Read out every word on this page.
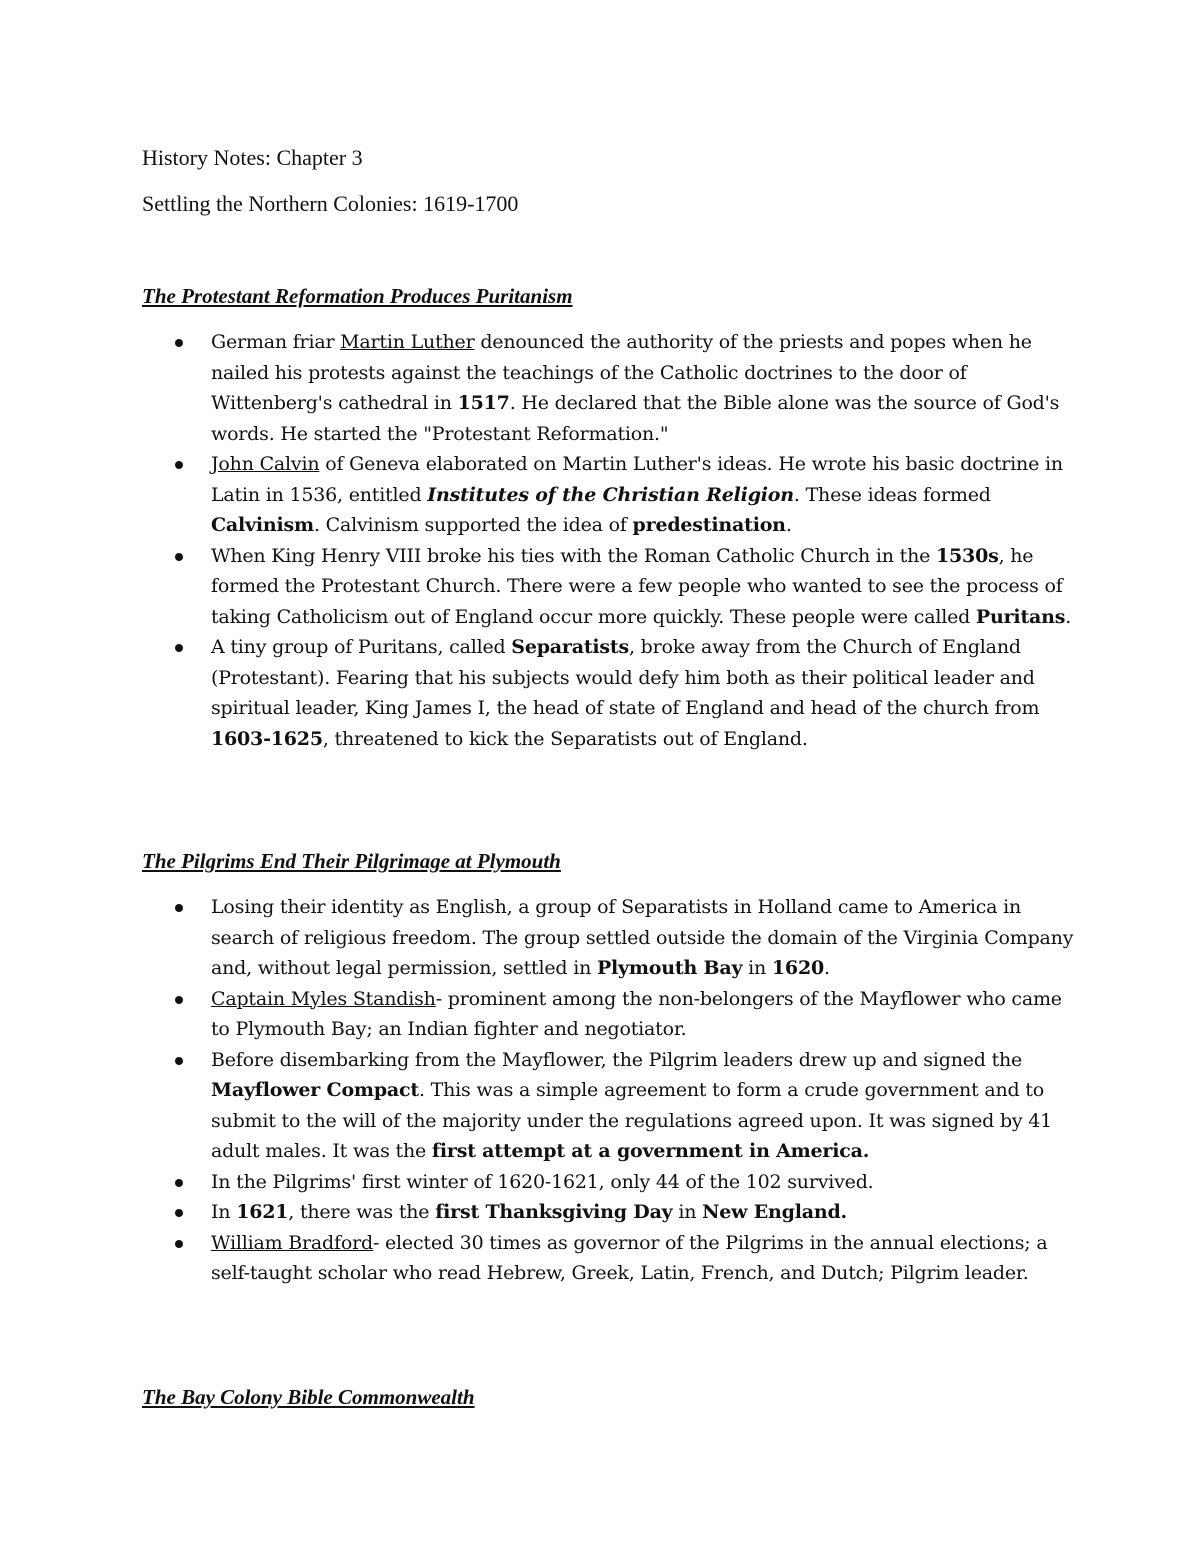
History Notes: Chapter 3

Settling the Northern Colonies: 1619-1700

The Protestant Reformation Produces Puritanism
German friar Martin Luther denounced the authority of the priests and popes when he nailed his protests against the teachings of the Catholic doctrines to the door of Wittenberg's cathedral in 1517. He declared that the Bible alone was the source of God's words. He started the "Protestant Reformation."
John Calvin of Geneva elaborated on Martin Luther's ideas. He wrote his basic doctrine in Latin in 1536, entitled Institutes of the Christian Religion. These ideas formed Calvinism. Calvinism supported the idea of predestination.
When King Henry VIII broke his ties with the Roman Catholic Church in the 1530s, he formed the Protestant Church. There were a few people who wanted to see the process of taking Catholicism out of England occur more quickly. These people were called Puritans.
A tiny group of Puritans, called Separatists, broke away from the Church of England (Protestant). Fearing that his subjects would defy him both as their political leader and spiritual leader, King James I, the head of state of England and head of the church from 1603-1625, threatened to kick the Separatists out of England.
The Pilgrims End Their Pilgrimage at Plymouth
Losing their identity as English, a group of Separatists in Holland came to America in search of religious freedom. The group settled outside the domain of the Virginia Company and, without legal permission, settled in Plymouth Bay in 1620.
Captain Myles Standish- prominent among the non-belongers of the Mayflower who came to Plymouth Bay; an Indian fighter and negotiator.
Before disembarking from the Mayflower, the Pilgrim leaders drew up and signed the Mayflower Compact. This was a simple agreement to form a crude government and to submit to the will of the majority under the regulations agreed upon. It was signed by 41 adult males. It was the first attempt at a government in America.
In the Pilgrims' first winter of 1620-1621, only 44 of the 102 survived.
In 1621, there was the first Thanksgiving Day in New England.
William Bradford- elected 30 times as governor of the Pilgrims in the annual elections; a self-taught scholar who read Hebrew, Greek, Latin, French, and Dutch; Pilgrim leader.
The Bay Colony Bible Commonwealth
